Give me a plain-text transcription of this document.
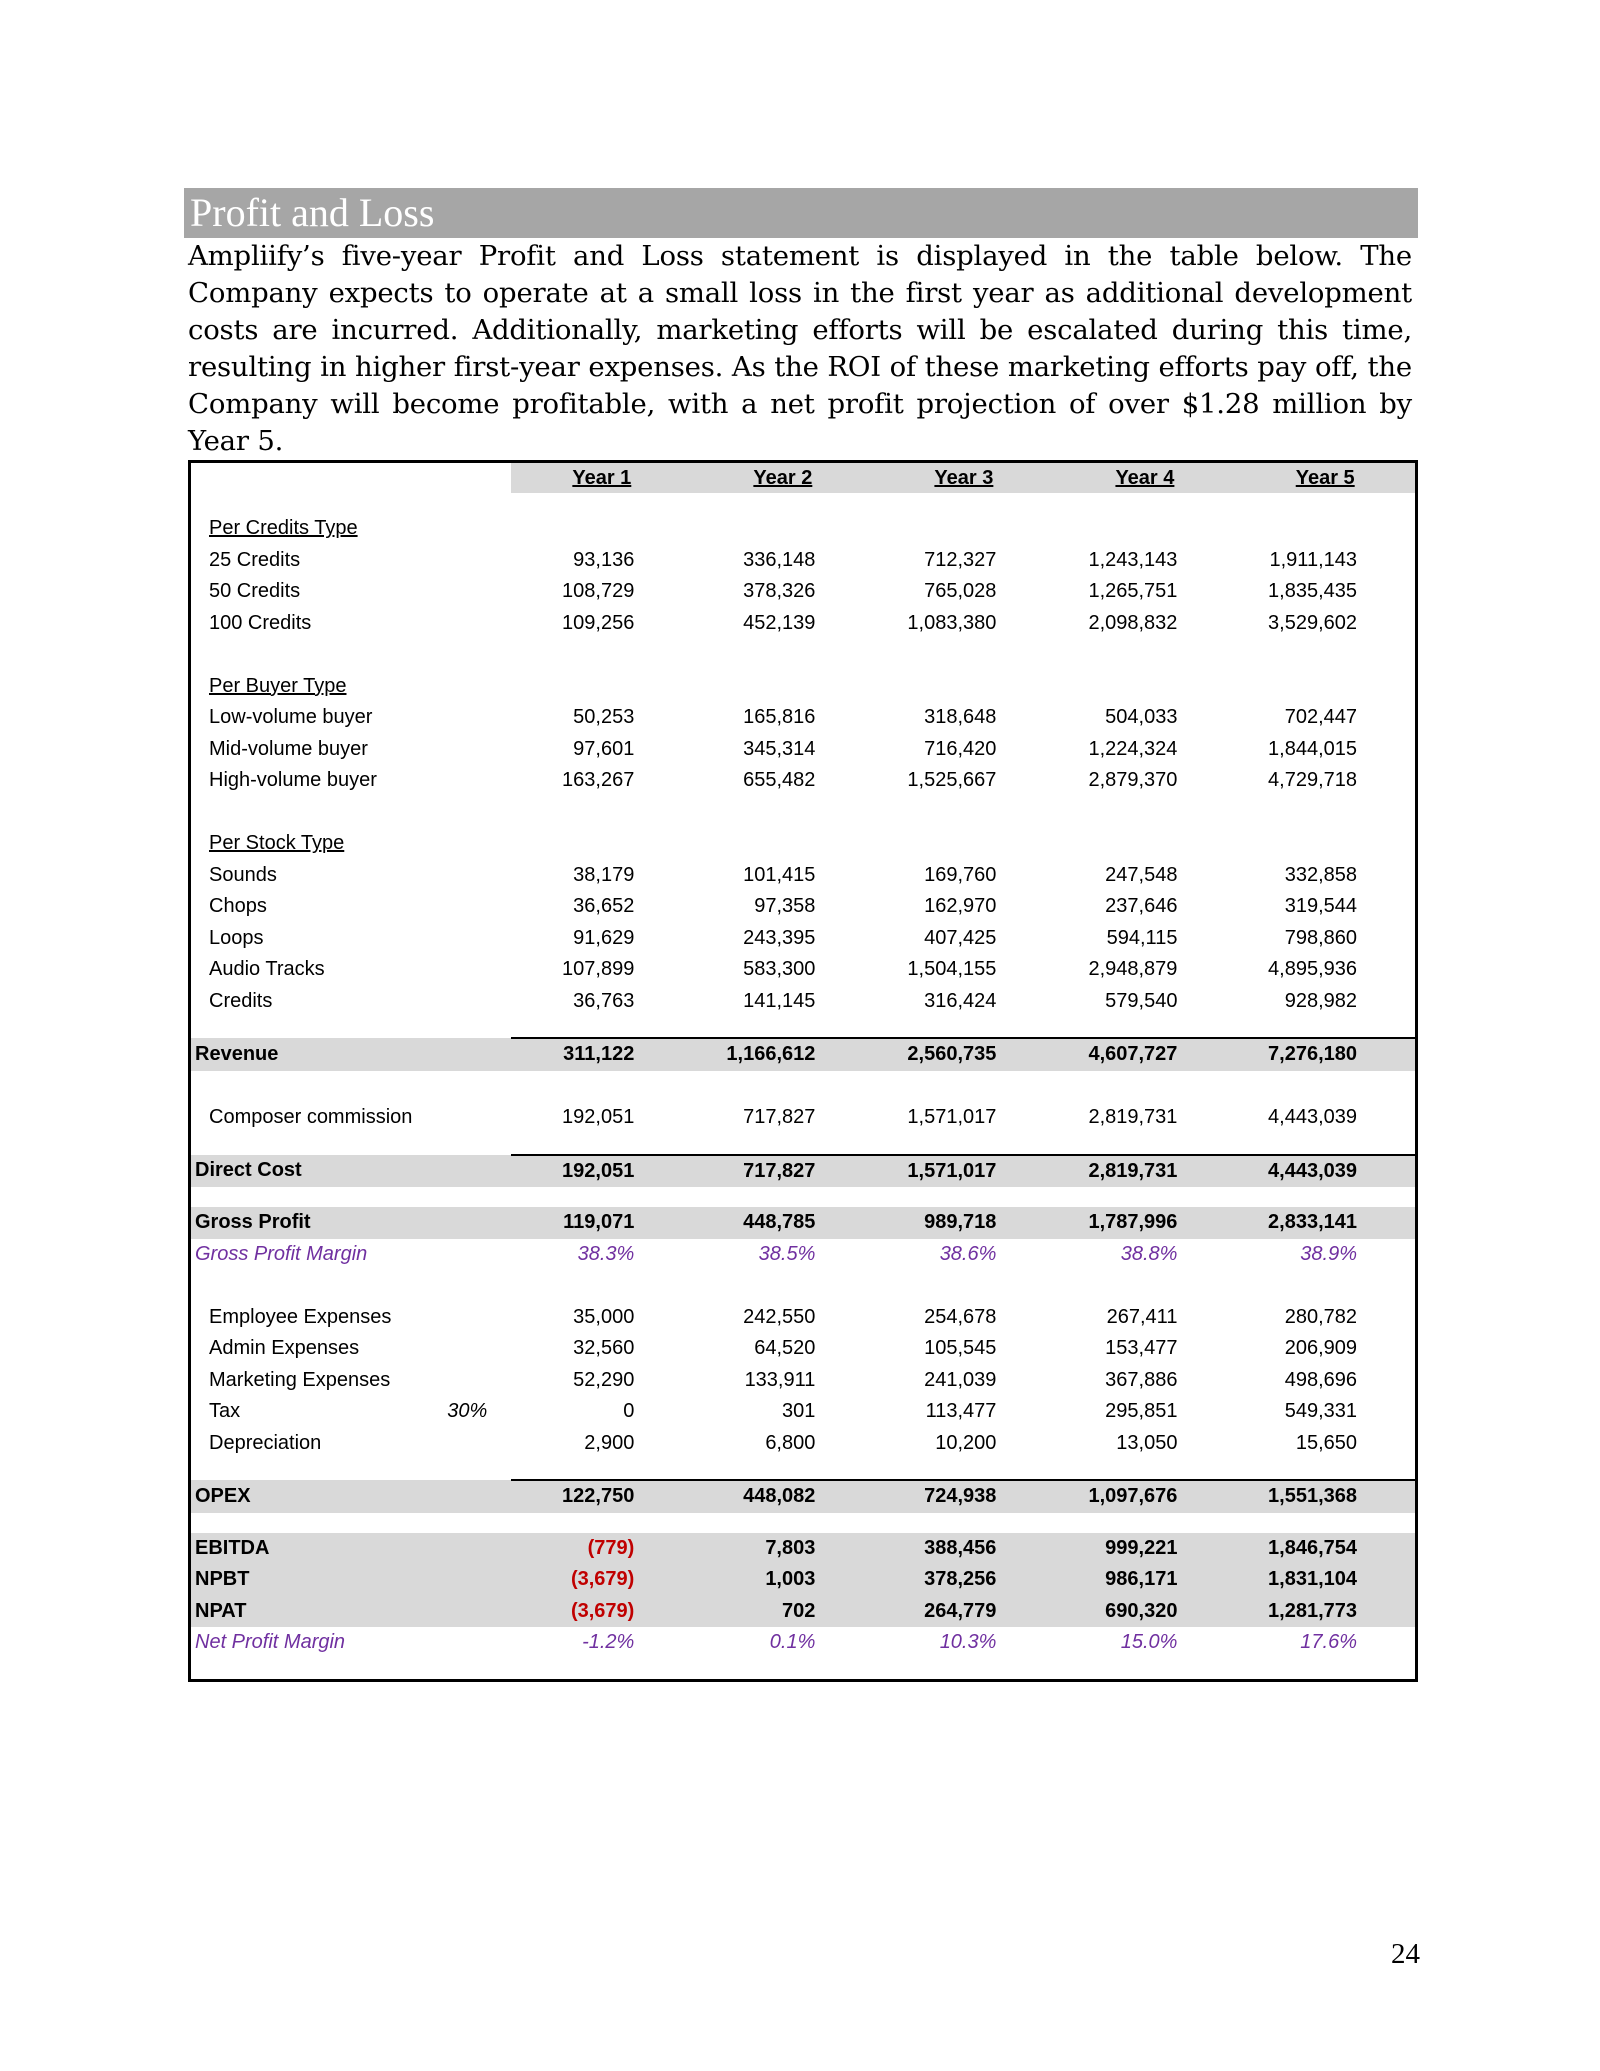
Profit and Loss

Ampliify’s five-year Profit and Loss statement is displayed in the table below. The Company expects to operate at a small loss in the first year as additional development costs are incurred. Additionally, marketing efforts will be escalated during this time, resulting in higher first-year expenses. As the ROI of these marketing efforts pay off, the Company will become profitable, with a net profit projection of over $1.28 million by Year 5.

		Year 1	Year 2	Year 3	Year 4	Year 5

Per Credits Type						
25 Credits		93,136	336,148	712,327	1,243,143	1,911,143
50 Credits		108,729	378,326	765,028	1,265,751	1,835,435
100 Credits		109,256	452,139	1,083,380	2,098,832	3,529,602

Per Buyer Type						
Low-volume buyer		50,253	165,816	318,648	504,033	702,447
Mid-volume buyer		97,601	345,314	716,420	1,224,324	1,844,015
High-volume buyer		163,267	655,482	1,525,667	2,879,370	4,729,718

Per Stock Type						
Sounds		38,179	101,415	169,760	247,548	332,858
Chops		36,652	97,358	162,970	237,646	319,544
Loops		91,629	243,395	407,425	594,115	798,860
Audio Tracks		107,899	583,300	1,504,155	2,948,879	4,895,936
Credits		36,763	141,145	316,424	579,540	928,982

Revenue		311,122	1,166,612	2,560,735	4,607,727	7,276,180

Composer commission		192,051	717,827	1,571,017	2,819,731	4,443,039

Direct Cost		192,051	717,827	1,571,017	2,819,731	4,443,039

Gross Profit		119,071	448,785	989,718	1,787,996	2,833,141
Gross Profit Margin		38.3%	38.5%	38.6%	38.8%	38.9%

Employee Expenses		35,000	242,550	254,678	267,411	280,782
Admin Expenses		32,560	64,520	105,545	153,477	206,909
Marketing Expenses		52,290	133,911	241,039	367,886	498,696
Tax	30%	0	301	113,477	295,851	549,331
Depreciation		2,900	6,800	10,200	13,050	15,650

OPEX		122,750	448,082	724,938	1,097,676	1,551,368

EBITDA		(779)	7,803	388,456	999,221	1,846,754
NPBT		(3,679)	1,003	378,256	986,171	1,831,104
NPAT		(3,679)	702	264,779	690,320	1,281,773
Net Profit Margin		-1.2%	0.1%	10.3%	15.0%	17.6%

24
